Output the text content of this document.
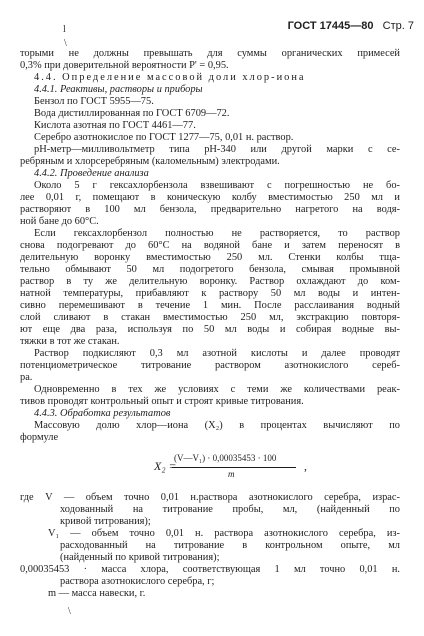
ГОСТ 17445—80 Стр. 7
l
\
торыми не должны превышать для суммы органических примесей
0,3% при доверительной вероятности P' = 0,95.
4.4. Определение массовой доли хлор-иона
4.4.1. Реактивы, растворы и приборы
Бензол по ГОСТ 5955—75.
Вода дистиллированная по ГОСТ 6709—72.
Кислота азотная по ГОСТ 4461—77.
Серебро азотнокислое по ГОСТ 1277—75, 0,01 н. раствор.
рН-метр—милливольтметр типа рН-340 или другой марки с се-
ребряным и хлорсеребряным (каломельным) электродами.
4.4.2. Проведение анализа
Около 5 г гексахлорбензола взвешивают с погрешностью не бо-
лее 0,01 г, помещают в коническую колбу вместимостью 250 мл и
растворяют в 100 мл бензола, предварительно нагретого на водя-
ной бане до 60°С.
Если гексахлорбензол полностью не растворяется, то раствор
снова подогревают до 60°С на водяной бане и затем переносят в
делительную воронку вместимостью 250 мл. Стенки колбы тща-
тельно обмывают 50 мл подогретого бензола, смывая промывной
раствор в ту же делительную воронку. Раствор охлаждают до ком-
натной температуры, прибавляют к раствору 50 мл воды и интен-
сивно перемешивают в течение 1 мин. После расслаивания водный
слой сливают в стакан вместимостью 250 мл, экстракцию повторя-
ют еще два раза, используя по 50 мл воды и собирая водные вы-
тяжки в тот же стакан.
Раствор подкисляют 0,3 мл азотной кислоты и далее проводят
потенциометрическое титрование раствором азотнокислого сереб-
ра.
Одновременно в тех же условиях с теми же количествами реак-
тивов проводят контрольный опыт и строят кривые титрования.
4.4.3. Обработка результатов
Массовую долю хлор—иона (X₂) в процентах вычисляют по
формуле
где V — объем точно 0,01 н.раствора азотнокислого серебра, израс-
ходованный на титрование пробы, мл, (найденный по
кривой титрования);
V₁ — объем точно 0,01 н. раствора азотнокислого серебра, из-
расходованный на титрование в контрольном опыте, мл
(найденный по кривой титрования);
0,00035453 · масса хлора, соответствующая 1 мл точно 0,01 н.
раствора азотнокислого серебра, г;
m — масса навески, г.
X₂ =
(V—V₁) · 0,00035453 · 100
m
,
\
